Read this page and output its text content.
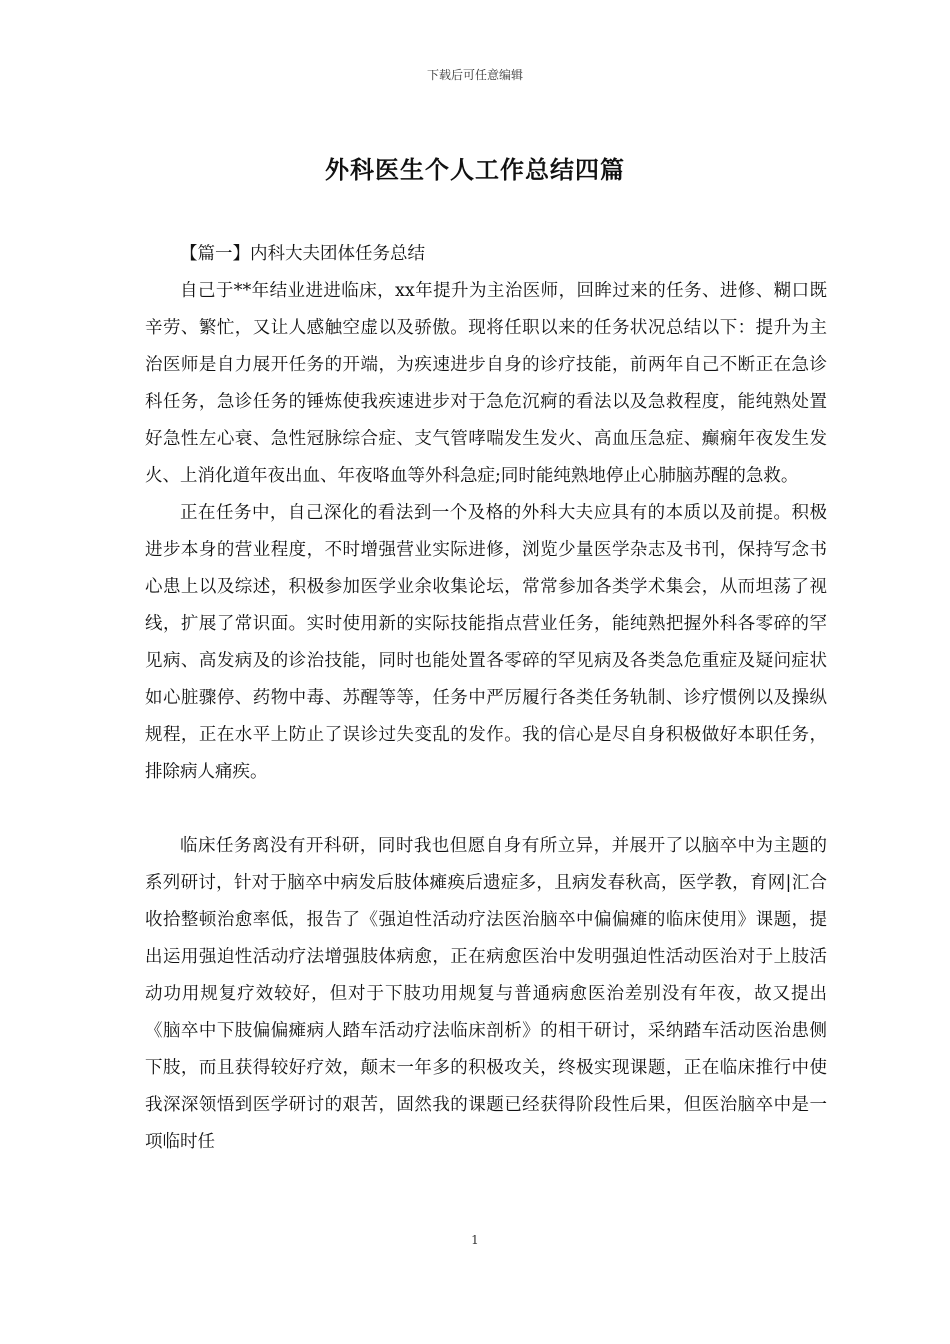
下载后可任意编辑
外科医生个人工作总结四篇

【篇一】内科大夫团体任务总结

自己于**年结业进进临床，xx年提升为主治医师，回眸过来的任务、进修、糊口既辛劳、繁忙，又让人感触空虚以及骄傲。现将任职以来的任务状况总结以下：提升为主治医师是自力展开任务的开端，为疾速进步自身的诊疗技能，前两年自己不断正在急诊科任务，急诊任务的锤炼使我疾速进步对于急危沉痾的看法以及急救程度，能纯熟处置好急性左心衰、急性冠脉综合症、支气管哮喘发生发火、高血压急症、癫痫年夜发生发火、上消化道年夜出血、年夜咯血等外科急症;同时能纯熟地停止心肺脑苏醒的急救。

正在任务中，自己深化的看法到一个及格的外科大夫应具有的本质以及前提。积极进步本身的营业程度，不时增强营业实际进修，浏览少量医学杂志及书刊，保持写念书心患上以及综述，积极参加医学业余收集论坛，常常参加各类学术集会，从而坦荡了视线，扩展了常识面。实时使用新的实际技能指点营业任务，能纯熟把握外科各零碎的罕见病、高发病及的诊治技能，同时也能处置各零碎的罕见病及各类急危重症及疑问症状如心脏骤停、药物中毒、苏醒等等，任务中严厉履行各类任务轨制、诊疗惯例以及操纵规程，正在水平上防止了误诊过失变乱的发作。我的信心是尽自身积极做好本职任务，排除病人痛疾。

临床任务离没有开科研，同时我也但愿自身有所立异，并展开了以脑卒中为主题的系列研讨，针对于脑卒中病发后肢体瘫痪后遗症多，且病发春秋高，医学教，育网|汇合收拾整顿治愈率低，报告了《强迫性活动疗法医治脑卒中偏偏瘫的临床使用》课题，提出运用强迫性活动疗法增强肢体病愈，正在病愈医治中发明强迫性活动医治对于上肢活动功用规复疗效较好，但对于下肢功用规复与普通病愈医治差别没有年夜，故又提出《脑卒中下肢偏偏瘫病人踏车活动疗法临床剖析》的相干研讨，采纳踏车活动医治患侧下肢，而且获得较好疗效，颠末一年多的积极攻关，终极实现课题，正在临床推行中使我深深领悟到医学研讨的艰苦，固然我的课题已经获得阶段性后果，但医治脑卒中是一项临时任

1
